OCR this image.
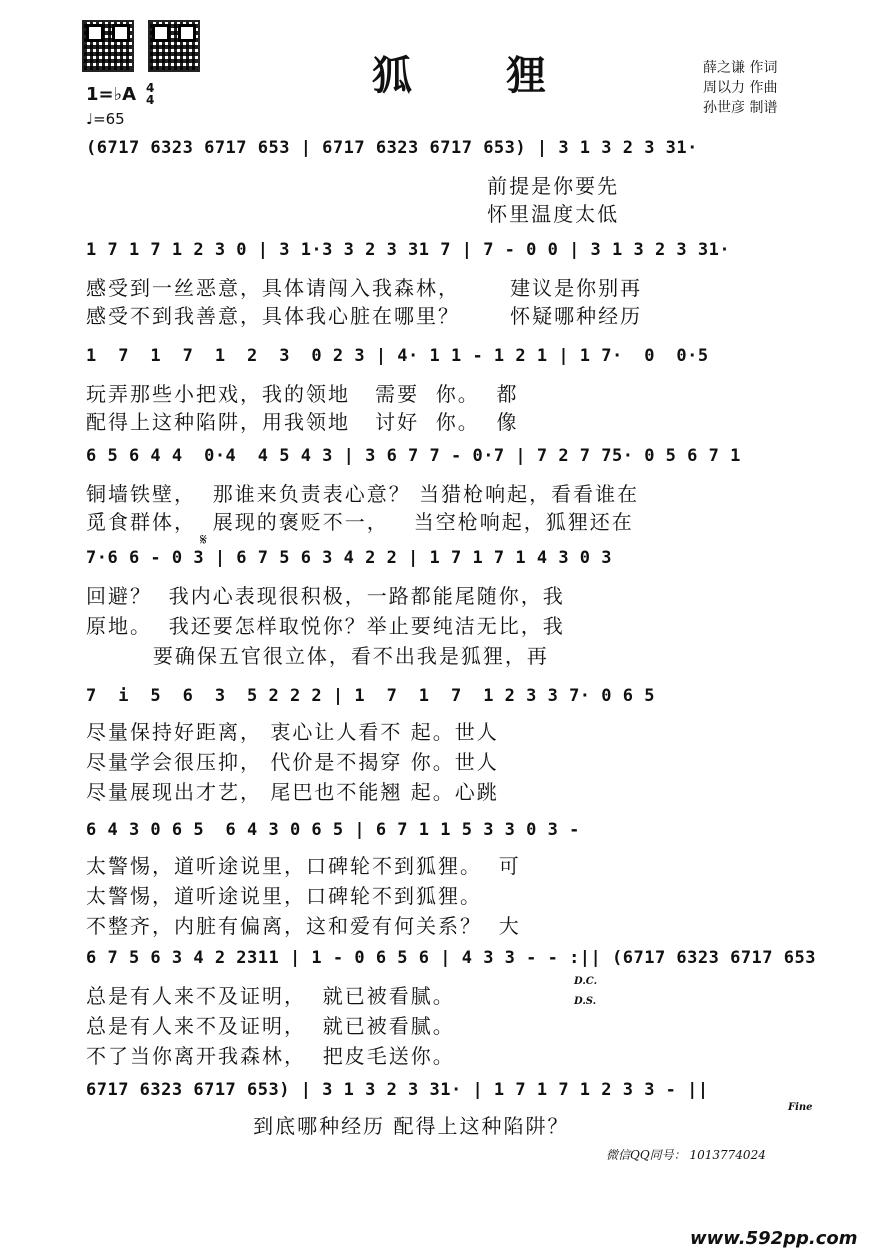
狐 狸	薛之谦 作词
周以力 作曲
孙世彦 制谱
1=♭A 4
4
♩=65
(6717 6323 6717 653 | 6717 6323 6717 653) | 3 1 3 2 3 31·
前提是你要先
怀里温度太低
1 7 1 7 1 2 3 0 | 3 1·3 3 2 3 31 7 | 7 - 0 0 | 3 1 3 2 3 31·
感受到一丝恶意，具体请闯入我森林，      建议是你别再
感受不到我善意，具体我心脏在哪里？      怀疑哪种经历
1  7  1  7  1  2  3  0 2 3 | 4· 1 1 - 1 2 1 | 1 7·  0  0·5
玩弄那些小把戏，我的领地   需要  你。  都
配得上这种陷阱，用我领地   讨好  你。  像
6 5 6 4 4  0·4  4 5 4 3 | 3 6 7 7 - 0·7 | 7 2 7 75· 0 5 6 7 1
铜墙铁壁，  那谁来负责表心意？ 当猎枪响起，看看谁在
觅食群体，  展现的褒贬不一，   当空枪响起，狐狸还在
𝄋
7·6 6 - 0 3 | 6 7 5 6 3 4 2 2 | 1 7 1 7 1 4 3 0 3
回避？  我内心表现很积极，一路都能尾随你，我
原地。  我还要怎样取悦你？举止要纯洁无比，我
要确保五官很立体，看不出我是狐狸，再
7  i  5  6  3  5 2 2 2 | 1  7  1  7  1 2 3 3 7· 0 6 5
尽量保持好距离， 衷心让人看不 起。世人
尽量学会很压抑， 代价是不揭穿 你。世人
尽量展现出才艺， 尾巴也不能翘 起。心跳
6 4 3 0 6 5  6 4 3 0 6 5 | 6 7 1 1 5 3 3 0 3 -
太警惕，道听途说里，口碑轮不到狐狸。  可
太警惕，道听途说里，口碑轮不到狐狸。
不整齐，内脏有偏离，这和爱有何关系？  大
6 7 5 6 3 4 2 2311 | 1 - 0 6 5 6 | 4 3 3 - - :|| (6717 6323 6717 653
总是有人来不及证明，  就已被看腻。
总是有人来不及证明，  就已被看腻。
不了当你离开我森林，  把皮毛送你。
D.C.
D.S.
6717 6323 6717 653) | 3 1 3 2 3 31· | 1 7 1 7 1 2 3 3 - ||
到底哪种经历 配得上这种陷阱？
Fine
微信QQ同号： 1013774024
www.592pp.com
